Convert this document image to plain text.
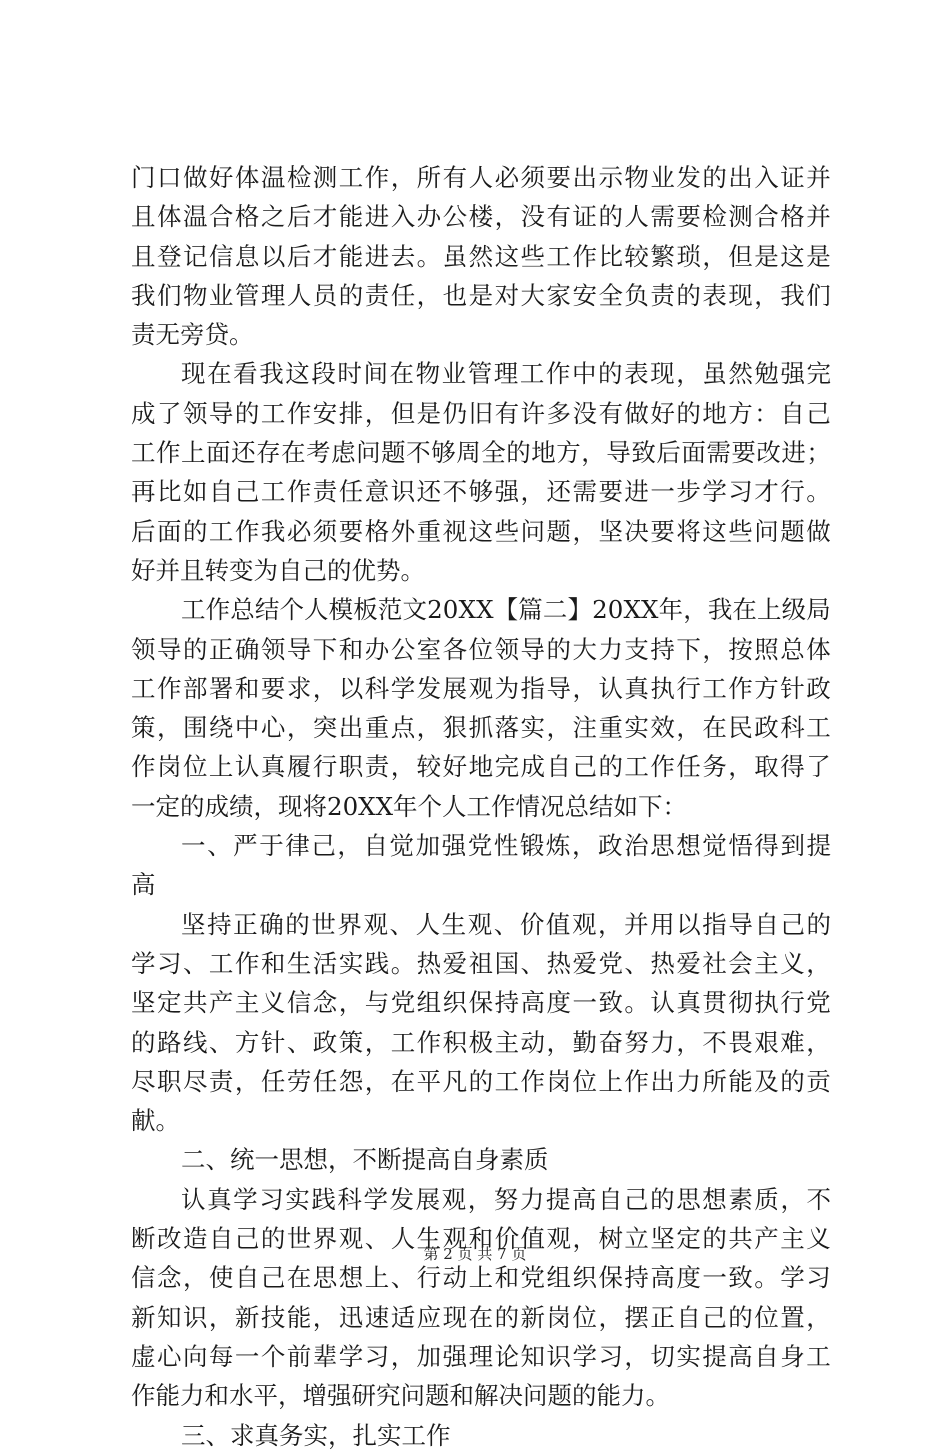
门 口 做 好 体 温 检 测 工 作 ， 所 有 人 必 须 要 出 示 物 业 发 的 出 入 证 并
且 体 温 合 格 之 后 才 能 进 入 办 公 楼 ， 没 有 证 的 人 需 要 检 测 合 格 并
且 登 记 信 息 以 后 才 能 进 去 。 虽 然 这 些 工 作 比 较 繁 琐 ， 但 是 这 是
我 们 物 业 管 理 人 员 的 责 任 ， 也 是 对 大 家 安 全 负 责 的 表 现 ， 我 们
责无旁贷。
现 在 看 我 这 段 时 间 在 物 业 管 理 工 作 中 的 表 现 ， 虽 然 勉 强 完
成 了 领 导 的 工 作 安 排 ， 但 是 仍 旧 有 许 多 没 有 做 好 的 地 方 ： 自 己
工 作 上 面 还 存 在 考 虑 问 题 不 够 周 全 的 地 方 ， 导 致 后 面 需 要 改 进 ；
再 比 如 自 己 工 作 责 任 意 识 还 不 够 强 ， 还 需 要 进 一 步 学 习 才 行 。
后 面 的 工 作 我 必 须 要 格 外 重 视 这 些 问 题 ， 坚 决 要 将 这 些 问 题 做
好并且转变为自己的优势。
工 作 总 结 个 人 模 板 范 文 2 0 X X 【 篇 二 】 2 0 X X 年 ， 我 在 上 级 局
领 导 的 正 确 领 导 下 和 办 公 室 各 位 领 导 的 大 力 支 持 下 ， 按 照 总 体
工 作 部 署 和 要 求 ， 以 科 学 发 展 观 为 指 导 ， 认 真 执 行 工 作 方 针 政
策 ， 围 绕 中 心 ， 突 出 重 点 ， 狠 抓 落 实 ， 注 重 实 效 ， 在 民 政 科 工
作 岗 位 上 认 真 履 行 职 责 ， 较 好 地 完 成 自 己 的 工 作 任 务 ， 取 得 了
一定的成绩，现将20XX年个人工作情况总结如下：
一 、 严 于 律 己 ， 自 觉 加 强 党 性 锻 炼 ， 政 治 思 想 觉 悟 得 到 提
高
坚 持 正 确 的 世 界 观 、 人 生 观 、 价 值 观 ， 并 用 以 指 导 自 己 的
学 习 、 工 作 和 生 活 实 践 。 热 爱 祖 国 、 热 爱 党 、 热 爱 社 会 主 义 ，
坚 定 共 产 主 义 信 念 ， 与 党 组 织 保 持 高 度 一 致 。 认 真 贯 彻 执 行 党
的 路 线 、 方 针 、 政 策 ， 工 作 积 极 主 动 ， 勤 奋 努 力 ， 不 畏 艰 难 ，
尽 职 尽 责 ， 任 劳 任 怨 ， 在 平 凡 的 工 作 岗 位 上 作 出 力 所 能 及 的 贡
献。
二、统一思想，不断提高自身素质
认 真 学 习 实 践 科 学 发 展 观 ， 努 力 提 高 自 己 的 思 想 素 质 ， 不
断 改 造 自 己 的 世 界 观 、 人 生 观 和 价 值 观 ， 树 立 坚 定 的 共 产 主 义
信 念 ， 使 自 己 在 思 想 上 、 行 动 上 和 党 组 织 保 持 高 度 一 致 。 学 习
新 知 识 ， 新 技 能 ， 迅 速 适 应 现 在 的 新 岗 位 ， 摆 正 自 己 的 位 置 ，
虚 心 向 每 一 个 前 辈 学 习 ， 加 强 理 论 知 识 学 习 ， 切 实 提 高 自 身 工
作能力和水平，增强研究问题和解决问题的能力。
三、求真务实，扎实工作
第 2 页 共 7 页
